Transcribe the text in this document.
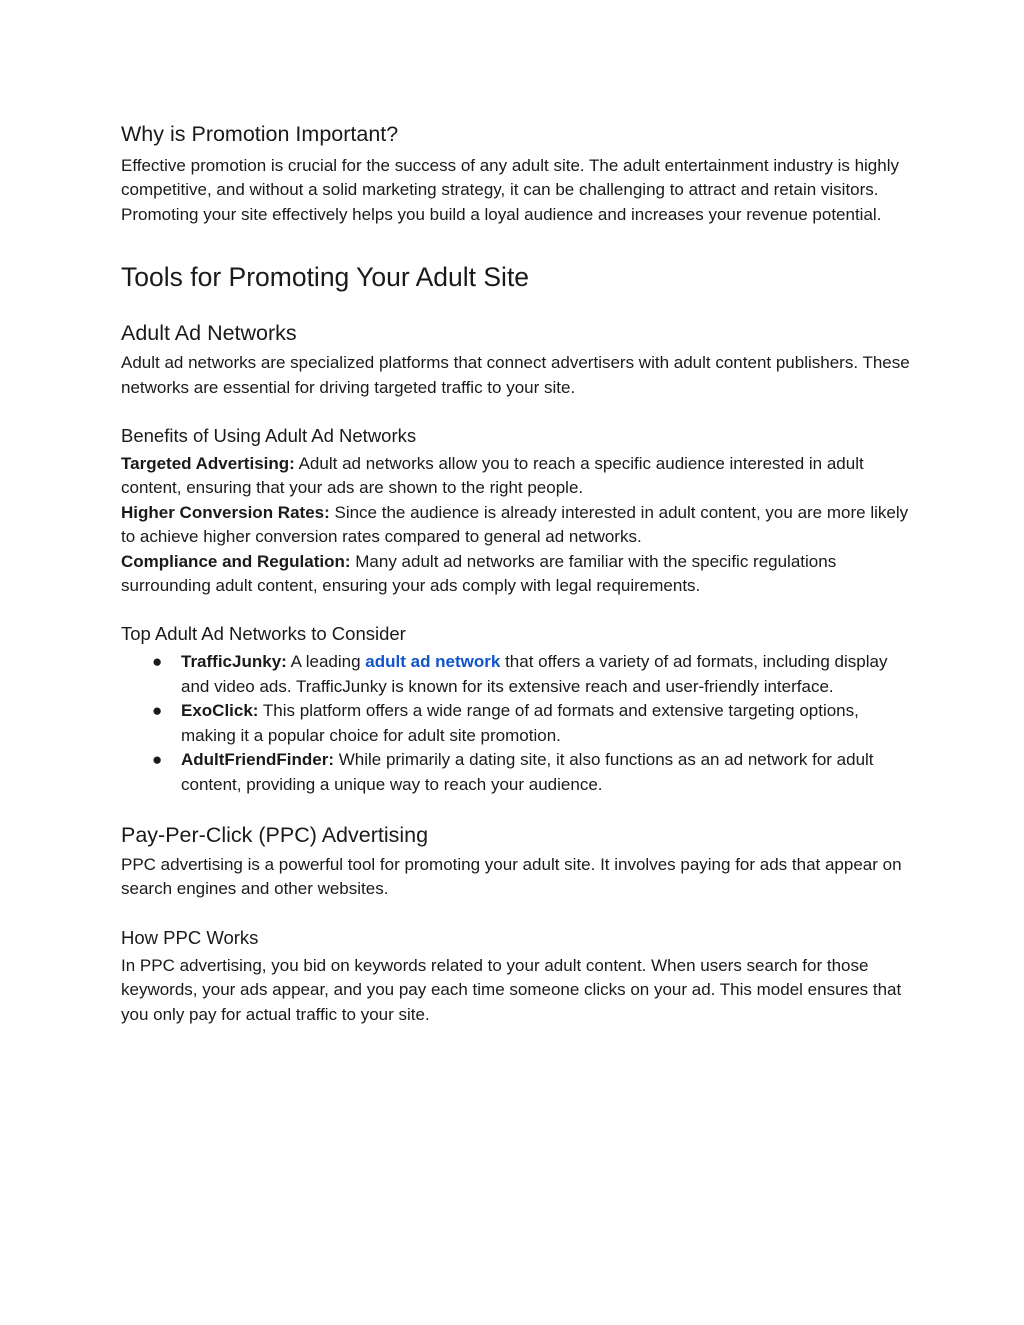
Why is Promotion Important?

Effective promotion is crucial for the success of any adult site. The adult entertainment industry is highly competitive, and without a solid marketing strategy, it can be challenging to attract and retain visitors. Promoting your site effectively helps you build a loyal audience and increases your revenue potential.

Tools for Promoting Your Adult Site
Adult Ad Networks

Adult ad networks are specialized platforms that connect advertisers with adult content publishers. These networks are essential for driving targeted traffic to your site.

Benefits of Using Adult Ad Networks

Targeted Advertising: Adult ad networks allow you to reach a specific audience interested in adult content, ensuring that your ads are shown to the right people.

Higher Conversion Rates: Since the audience is already interested in adult content, you are more likely to achieve higher conversion rates compared to general ad networks.

Compliance and Regulation: Many adult ad networks are familiar with the specific regulations surrounding adult content, ensuring your ads comply with legal requirements.

Top Adult Ad Networks to Consider
● TrafficJunky: A leading adult ad network that offers a variety of ad formats, including display and video ads. TrafficJunky is known for its extensive reach and user-friendly interface.
● ExoClick: This platform offers a wide range of ad formats and extensive targeting options, making it a popular choice for adult site promotion.
● AdultFriendFinder: While primarily a dating site, it also functions as an ad network for adult content, providing a unique way to reach your audience.
Pay-Per-Click (PPC) Advertising

PPC advertising is a powerful tool for promoting your adult site. It involves paying for ads that appear on search engines and other websites.

How PPC Works

In PPC advertising, you bid on keywords related to your adult content. When users search for those keywords, your ads appear, and you pay each time someone clicks on your ad. This model ensures that you only pay for actual traffic to your site.
